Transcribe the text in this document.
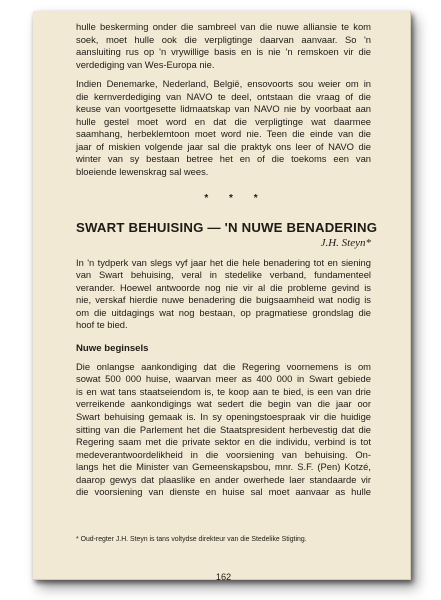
hulle beskerming onder die sambreel van die nuwe alliansie te kom

soek, moet hulle ook die verpligtinge daarvan aanvaar. So 'n

aansluiting rus op 'n vrywillige basis en is nie 'n remskoen vir die

verdediging van Wes-Europa nie.

Indien Denemarke, Nederland, België, ensovoorts sou weier om in

die kernverdediging van NAVO te deel, ontstaan die vraag of die

keuse van voortgesette lidmaatskap van NAVO nie by voorbaat aan

hulle gestel moet word en dat die verpligtinge wat daarmee

saamhang, herbeklemtoon moet word nie. Teen die einde van die

jaar of miskien volgende jaar sal die praktyk ons leer of NAVO die

winter van sy bestaan betree het en of die toekoms een van

bloeiende lewenskrag sal wees.

* * *
SWART BEHUISING — 'N NUWE BENADERING
J.H. Steyn*

In 'n tydperk van slegs vyf jaar het die hele benadering tot en siening

van Swart behuising, veral in stedelike verband, fundamenteel

verander. Hoewel antwoorde nog nie vir al die probleme gevind is

nie, verskaf hierdie nuwe benadering die buigsaamheid wat nodig is

om die uitdagings wat nog bestaan, op pragmatiese grondslag die

hoof te bied.

Nuwe beginsels

Die onlangse aankondiging dat die Regering voornemens is om

sowat 500 000 huise, waarvan meer as 400 000 in Swart gebiede

is en wat tans staatseiendom is, te koop aan te bied, is een van drie

verreikende aankondigings wat sedert die begin van die jaar oor

Swart behuising gemaak is. In sy openingstoespraak vir die huidige

sitting van die Parlement het die Staatspresident herbevestig dat die

Regering saam met die private sektor en die individu, verbind is tot

medeverantwoordelikheid in die voorsiening van behuising. On-

langs het die Minister van Gemeenskapsbou, mnr. S.F. (Pen) Kotzé,

daarop gewys dat plaaslike en ander owerhede laer standaarde vir

die voorsiening van dienste en huise sal moet aanvaar as hulle

* Oud-regter J.H. Steyn is tans voltydse direkteur van die Stedelike Stigting.
162
